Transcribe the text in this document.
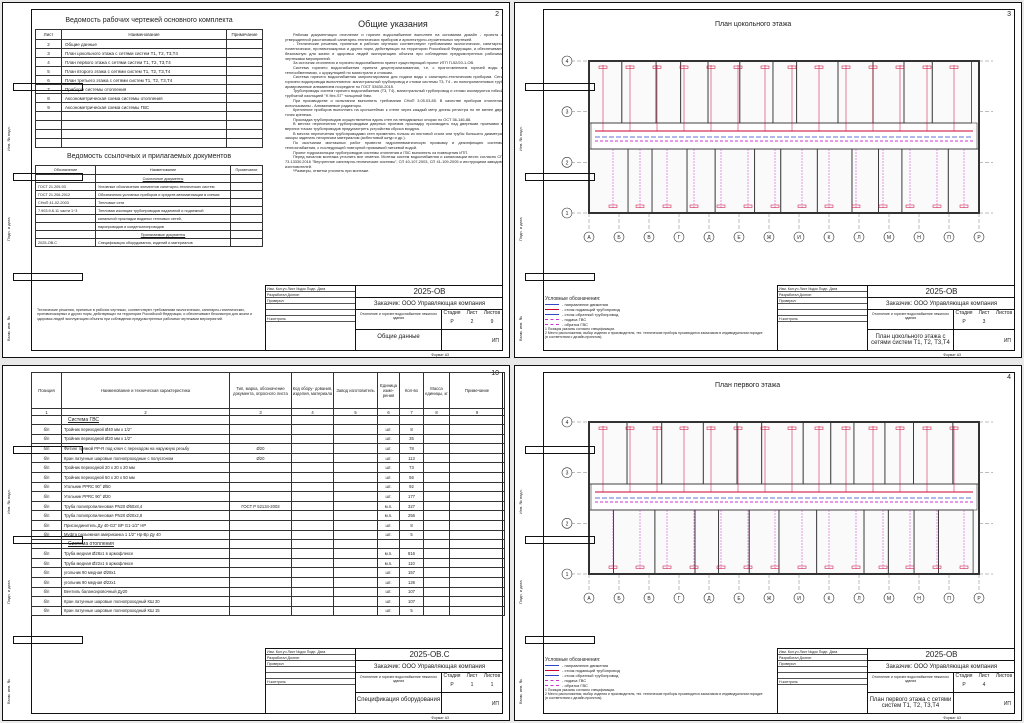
2
Ведомость рабочих чертежей основного комплекта
Лист	Наименование	Примечание
2	Общие данные	
3	План цокольного этажа с сетями систем Т1, Т2, Т3,Т4	
4	План первого этажа с сетями систем Т1, Т2, Т3,Т4	
5	План второго этажа с сетями систем Т1, Т2, Т3,Т4	
6	План третьего этажа с сетями систем Т1, Т2, Т3,Т4	
7	Приборы системы отопления	
8	Аксонометрическая схема системы отопления	
9	Аксонометрическая схема системы ГВС	

Ведомость ссылочных и прилагаемых документов
Обозначение	Наименование	Примечание
	Ссылочные документы	
ГОСТ 21.205.93	Условные обозначения элементов санитарно-технических систем	
ГОСТ 21.206-2012	Обозначения условных приборов и средств автоматизации в схемах	
СНиП 41-02-2003	Тепловые сети	
7.903.9-6.11 части 1÷3	Тепловая изоляция трубопроводов надземной и подземной	
	канальной прокладки водяных тепловых сетей,	
	паропроводов и конденсатопроводов	
	Прилагаемые документы	
2025-ОВ.С	Спецификация оборудования, изделий и материалов	
Технические решения, принятые в рабочих чертежах, соответствуют требованиям экологических, санитарно-гигиенических, противопожарных и других норм, действующих на территории Российской Федерации, и обеспечивают безопасную для жизни и здоровья людей эксплуатацию объекта при соблюдении предусмотренных рабочими чертежами мероприятий.
Общие указания
Рабочая документация отопление и горячее водоснабжение выполнен на основании дизайн - проекта с утвержденной расстановкой санитарно-технических приборов и архитектурно-строительных чертежей.
- Технические решения, принятые в рабочих чертежах соответствуют требованиям экологических, санитарно-гигиенических, противопожарных и других норм, действующих на территории Российской Федерации, и обеспечивают безопасную для жизни и здоровья людей эксплуатацию объекта при соблюдении предусмотренных рабочими чертежами мероприятий.
За источник отопления и горячего водоснабжения принят существующий проект ИТП П-52/20-1-ОВ.
Система горячего водоснабжения принята децентрализованная, т.е. с приготовлением горячей воды в теплообменниках, с циркуляцией по магистрали и стоякам.
Система горячего водоснабжения запроектирована для подачи воды к санитарно-техническим приборам. Сети горячего водопровода выполняются: магистральный трубопровод и стояки системы Т3, Т4 - из полипропиленовых труб армированные алюминием посредине по ГОСТ 53630-2015.
Трубопроводы систем горячего водоснабжения (Т3, Т4), магистральный трубопровод и стояки изолируются гибкой трубчатой изоляцией "K flex-ST" толщиной 9мм.
При производстве и испытании выполнить требования СНиП 3.05.03-85. В качестве приборов отопления использованы - Алюминиевые радиаторы.
Крепление приборов выполнить на кронштейнах к стене через каждый метр длины регистра но не менее двух точек крепежа.
Прокладка трубопроводов осуществляется вдоль стен на неподвижных опорах по ОСТ 36-146-88.
В местах пересечения трубопроводами дверных проемов прокладку производить над дверными проемами в верхних точках трубопроводов предусмотреть устройства сброса воздуха.
В местах пересечения трубопроводами стен применить гильзы из листовой стали или трубы большего диаметра, зазоры заделать негорючим материалом (асбестовый шнур и др.).
По окончании монтажных работ провести гидропневматическую промывку и дезинфекцию системы теплоснабжения, с последующей повторной промывкой питьевой водой.
Проект гидроизоляции трубопроводов системы отопления и ГВС выполнять из помещения ИТП.
Перед началом монтажа уточнить все отметки. Монтаж систем водоснабжения и канализации вести согласно СП 73.13330.2016 "Внутренние санитарно-технические системы", СП 40-107-2003, СП 41-109-2005 и инструкциям заводов-изготовителей.
*Размеры, отметки уточнить при монтаже.
Изм. Кол.уч Лист №док Подп. Дата
Разработал Долгин
Проверил
Н.контроль
2025-ОВ
Заказчик: ООО Управляющая компания
Отопление и горячее водоснабжение нежилого здания
Стадия Лист Листов
Р	2	9
Общие данные
ИП
Формат А3
Взам. инв. №
Подп. и дата
Инв. № подл.
3
План цокольного этажа
А	Б	В	Г	Д	Е	Ж	И	К	Л	М	Н	П	Р
4
3
2
1
Условные обозначения:
- направление движения
- стояк подающий трубопровод
- стояк обратный трубопровод
- подача ГВС
- обратка ГВС
1 Позиция указаны согласно спецификации.
2 Место расположения, выбор изделия и производителя, тех. технические приборы производится заказчиком в индивидуальном порядке (в соответствии с дизайн-проектом).
Изм. Кол.уч Лист №док Подп. Дата
Разработал Долгин
Проверил
Н.контроль
2025-ОВ
Заказчик: ООО Управляющая компания
Отопление и горячее водоснабжение нежилого здания
Стадия Лист Листов
Р	3
План цокольного этажа с сетями систем Т1, Т2, Т3,Т4	ИП
Формат А3
Взам. инв. №
Подп. и дата
Инв. № подл.
10
Позиция	Наименование и техническая характеристика	Тип, марка, обозначение документа, опросного листа	Код обору- дования, изделия, материала	Завод изготовитель	Единица изме- рения	Кол-во	Масса единицы, кг	Примечание
1	2	3	4	5	6	7	8	9
	Система ГВС							
б/п	Тройник переходной Ø40 мм x 1/2"				шт.	8		
б/п	Тройник переходной Ø20 мм x 1/2"				шт.	35		
б/п	Фитинг прямой PP-R под ключ с переходом на наружную резьбу	Ø20			шт.	78		
б/п	Кран латунные шаровые полнопроходные с полусгоном	Ø20			шт.	113		
б/п	Тройник переходной 20 x 20 x 20 мм				шт.	73		
б/п	Тройник переходной 50 x 20 x 50 мм				шт.	56		
б/п	Угольник PPRC 90° Ø50				шт.	92		
б/п	Угольник PPRC 90° Ø20				шт.	177		
б/п	Труба полипропиленовая PN20 Ø50х8,4	ГОСТ Р 52134-2003			м.п.	327		
б/п	Труба полипропиленовая PN20 Ø20х2,8				м.п.	256		
б/п	Присоединитель Ду 40-G2" ВР G1-1/2" НР				шт.	8		
б/п	Муфта разъемная американка 1 1/2" Нр-Вр Ду 40				шт.	5		
	Система отопления							
б/п	Труба медная Ø28х1 в армофлексе				м.п.	816		
б/п	Труба медная Ø22х1 в армофлексе				м.п.	110		
б/п	угольник 90 медная Ø28х1				шт.	157		
б/п	угольник 90 медная Ø22х1				шт.	126		
б/п	Вентиль балансировочный Ду20				шт.	107		
б/п	Кран латунные шаровые полнопроходный КШ 20				шт.	107		
б/п	Кран латунные шаровые полнопроходный КШ 15				шт.	5		
Изм. Кол.уч Лист №док Подп. Дата
Разработал Долгин
Проверил
Н.контроль
2025-ОВ.С
Заказчик: ООО Управляющая компания
Отопление и горячее водоснабжение нежилого здания
Стадия Лист Листов
Р	1	1
Спецификация оборудования
ИП
Формат А3
Взам. инв. №
Подп. и дата
Инв. № подл.
4
План первого этажа
А	Б	В	Г	Д	Е	Ж	И	К	Л	М	Н	П	Р
4
3
2
1
Условные обозначения:
- направление движения
- стояк подающий трубопровод
- стояк обратный трубопровод
- подача ГВС
- обратка ГВС
1 Позиция указаны согласно спецификации.
2 Место расположения, выбор изделия и производителя, тех. технические приборы производится заказчиком в индивидуальном порядке (в соответствии с дизайн-проектом).
Изм. Кол.уч Лист №док Подп. Дата
Разработал Долгин
Проверил
Н.контроль
2025-ОВ
Заказчик: ООО Управляющая компания
Отопление и горячее водоснабжение нежилого здания
Стадия Лист Листов
Р	4
План первого этажа с сетями систем Т1, Т2, Т3,Т4	ИП
Формат А3
Взам. инв. №
Подп. и дата
Инв. № подл.
